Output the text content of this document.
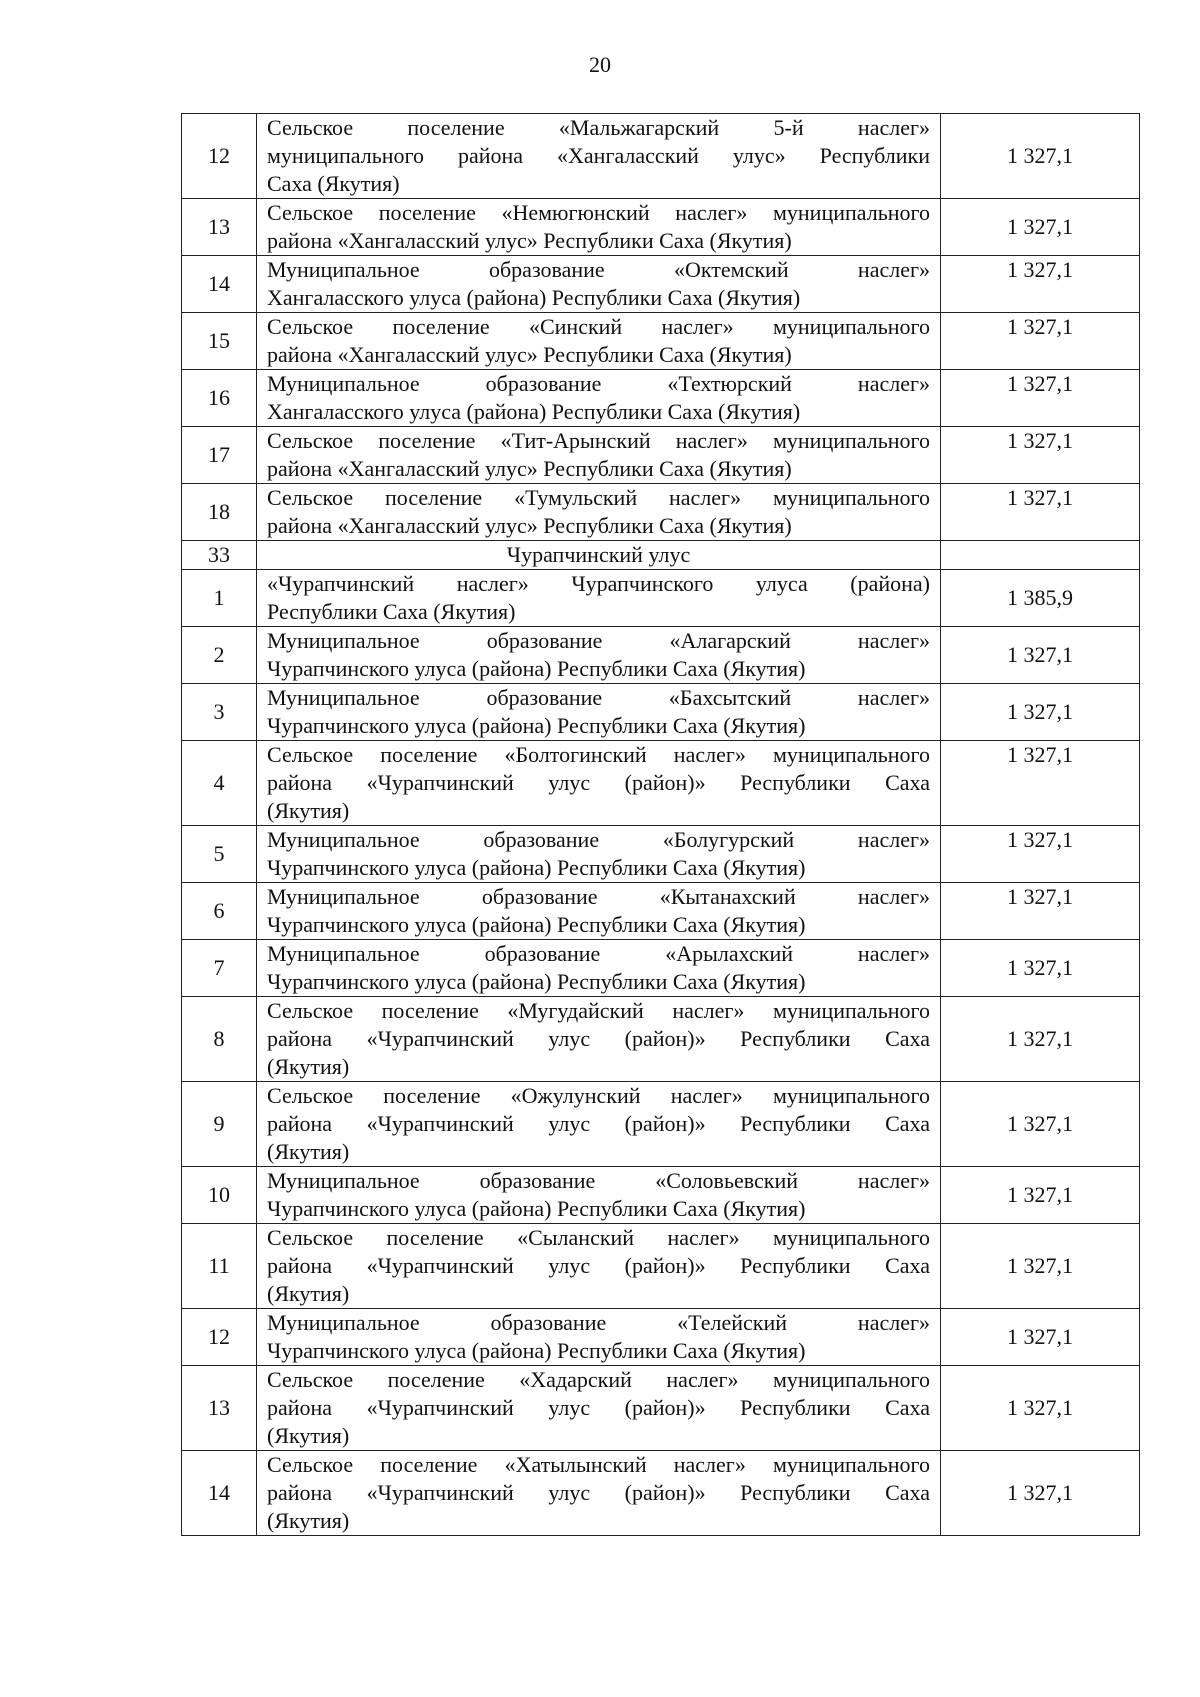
20
12	Сельское поселение «Мальжагарский 5-й наслег»
муниципального района «Хангаласский улус» Республики
Саха (Якутия)	1 327,1
13	Сельское поселение «Немюгюнский наслег» муниципального
района «Хангаласский улус» Республики Саха (Якутия)	1 327,1
14	Муниципальное образование «Октемский наслег»
Хангаласского улуса (района) Республики Саха (Якутия)	1 327,1
15	Сельское поселение «Синский наслег» муниципального
района «Хангаласский улус» Республики Саха (Якутия)	1 327,1
16	Муниципальное образование «Техтюрский наслег»
Хангаласского улуса (района) Республики Саха (Якутия)	1 327,1
17	Сельское поселение «Тит-Арынский наслег» муниципального
района «Хангаласский улус» Республики Саха (Якутия)	1 327,1
18	Сельское поселение «Тумульский наслег» муниципального
района «Хангаласский улус» Республики Саха (Якутия)	1 327,1
33	Чурапчинский улус	

1	«Чурапчинский наслег» Чурапчинского улуса (района)
Республики Саха (Якутия)	1 385,9
2	Муниципальное образование «Алагарский наслег»
Чурапчинского улуса (района) Республики Саха (Якутия)	1 327,1
3	Муниципальное образование «Бахсытский наслег»
Чурапчинского улуса (района) Республики Саха (Якутия)	1 327,1
4	Сельское поселение «Болтогинский наслег» муниципального
района «Чурапчинский улус (район)» Республики Саха
(Якутия)	1 327,1
5	Муниципальное образование «Болугурский наслег»
Чурапчинского улуса (района) Республики Саха (Якутия)	1 327,1
6	Муниципальное образование «Кытанахский наслег»
Чурапчинского улуса (района) Республики Саха (Якутия)	1 327,1
7	Муниципальное образование «Арылахский наслег»
Чурапчинского улуса (района) Республики Саха (Якутия)	1 327,1
8	Сельское поселение «Мугудайский наслег» муниципального
района «Чурапчинский улус (район)» Республики Саха
(Якутия)	1 327,1
9	Сельское поселение «Ожулунский наслег» муниципального
района «Чурапчинский улус (район)» Республики Саха
(Якутия)	1 327,1
10	Муниципальное образование «Соловьевский наслег»
Чурапчинского улуса (района) Республики Саха (Якутия)	1 327,1
11	Сельское поселение «Сыланский наслег» муниципального
района «Чурапчинский улус (район)» Республики Саха
(Якутия)	1 327,1
12	Муниципальное образование «Телейский наслег»
Чурапчинского улуса (района) Республики Саха (Якутия)	1 327,1
13	Сельское поселение «Хадарский наслег» муниципального
района «Чурапчинский улус (район)» Республики Саха
(Якутия)	1 327,1
14	Сельское поселение «Хатылынский наслег» муниципального
района «Чурапчинский улус (район)» Республики Саха
(Якутия)	1 327,1
